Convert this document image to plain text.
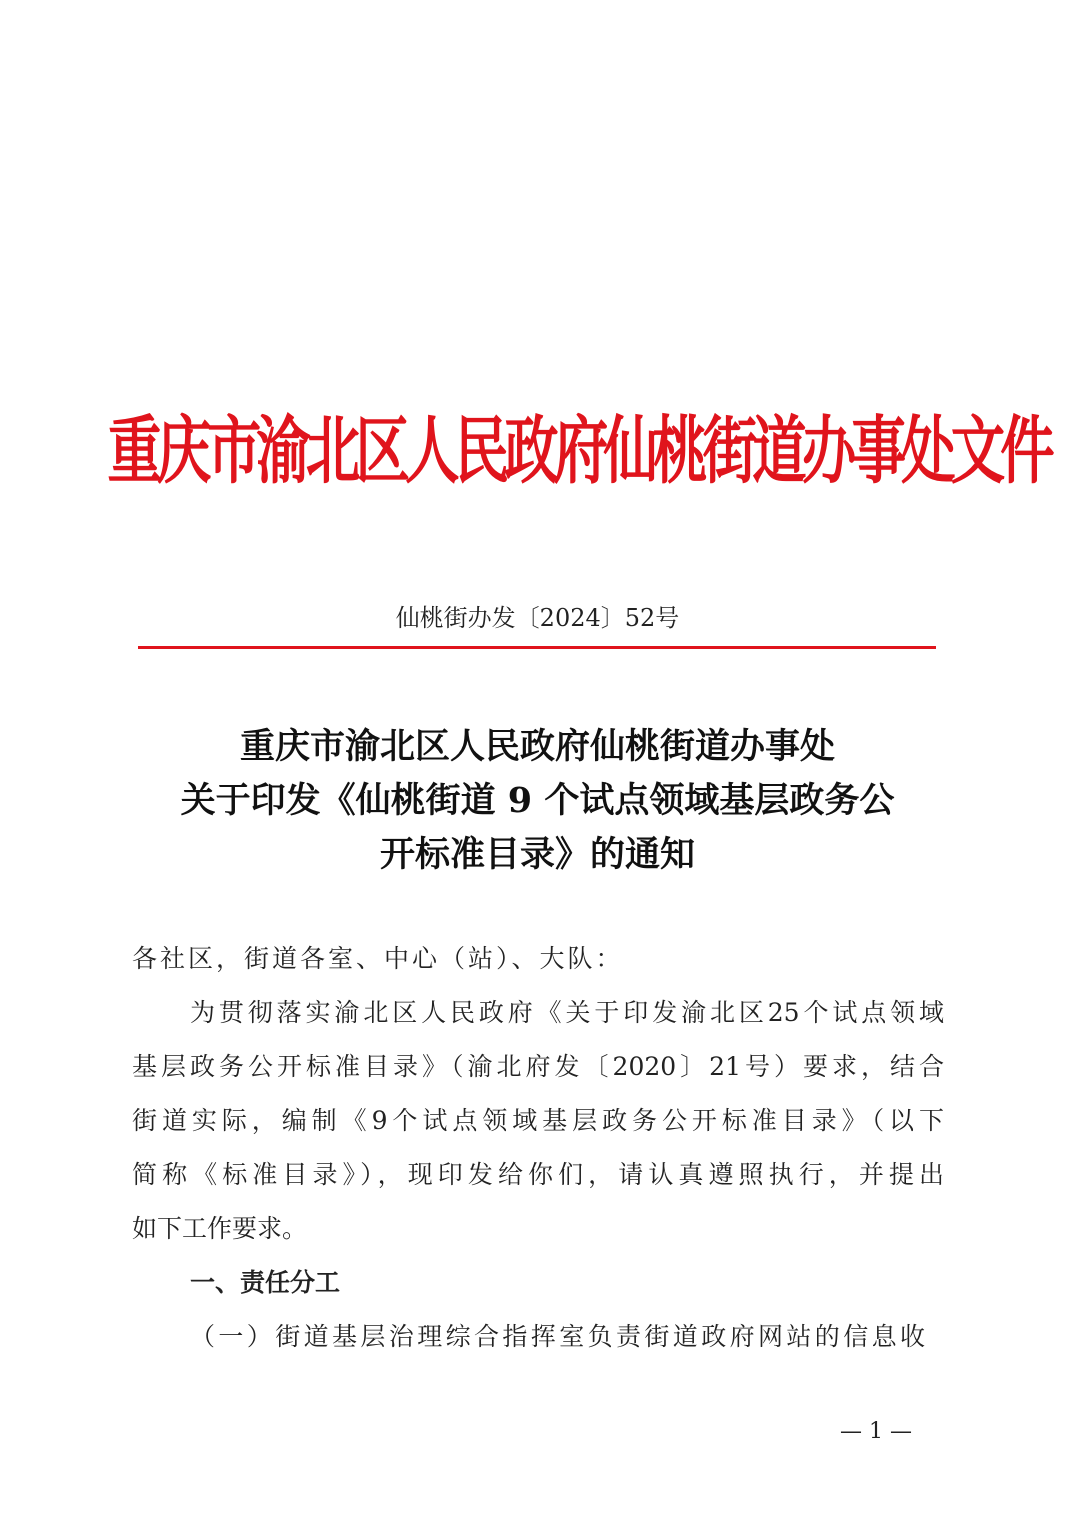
重庆市渝北区人民政府仙桃街道办事处文件
仙桃街办发〔2024〕52号
重庆市渝北区人民政府仙桃街道办事处
关于印发《仙桃街道 9 个试点领域基层政务公
开标准目录》的通知
各社区，街道各室、中心（站）、大队：
为贯彻落实渝北区人民政府《关于印发渝北区25个试点领域
基层政务公开标准目录》（渝北府发〔2020〕21号）要求，结合
街道实际，编制《9个试点领域基层政务公开标准目录》（以下
简称《标准目录》），现印发给你们，请认真遵照执行，并提出
如下工作要求。
一、责任分工
（一）街道基层治理综合指挥室负责街道政府网站的信息收
— 1 —
